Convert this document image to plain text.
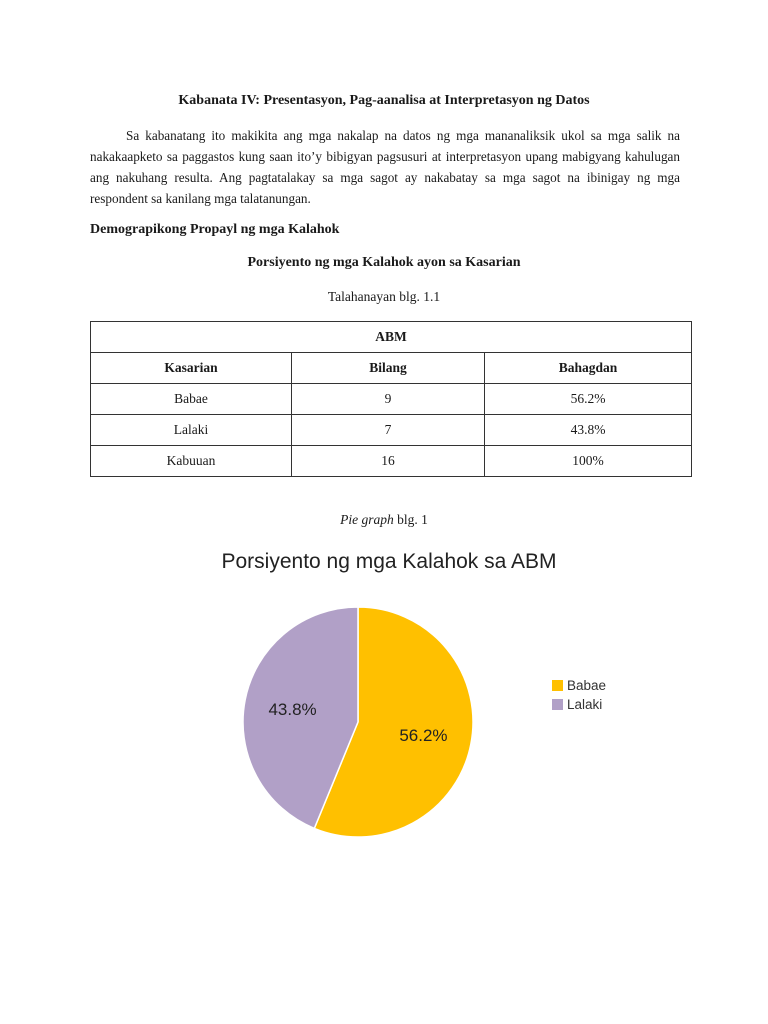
Kabanata IV: Presentasyon, Pag-aanalisa at Interpretasyon ng Datos

Sa kabanatang ito makikita ang mga nakalap na datos ng mga mananaliksik ukol sa mga salik na nakakaapketo sa paggastos kung saan ito’y bibigyan pagsusuri at interpretasyon upang mabigyang kahulugan ang nakuhang resulta. Ang pagtatalakay sa mga sagot ay nakabatay sa mga sagot na ibinigay ng mga respondent sa kanilang mga talatanungan.

Demograpikong Propayl ng mga Kalahok
Porsiyento ng mga Kalahok ayon sa Kasarian
Talahanayan blg. 1.1
ABM		
Kasarian	Bilang	Bahagdan
Babae	9	56.2%
Lalaki	7	43.8%
Kabuuan	16	100%
Pie graph blg. 1
Porsiyento ng mga Kalahok sa ABM
56.2%
43.8%
Babae
Lalaki
